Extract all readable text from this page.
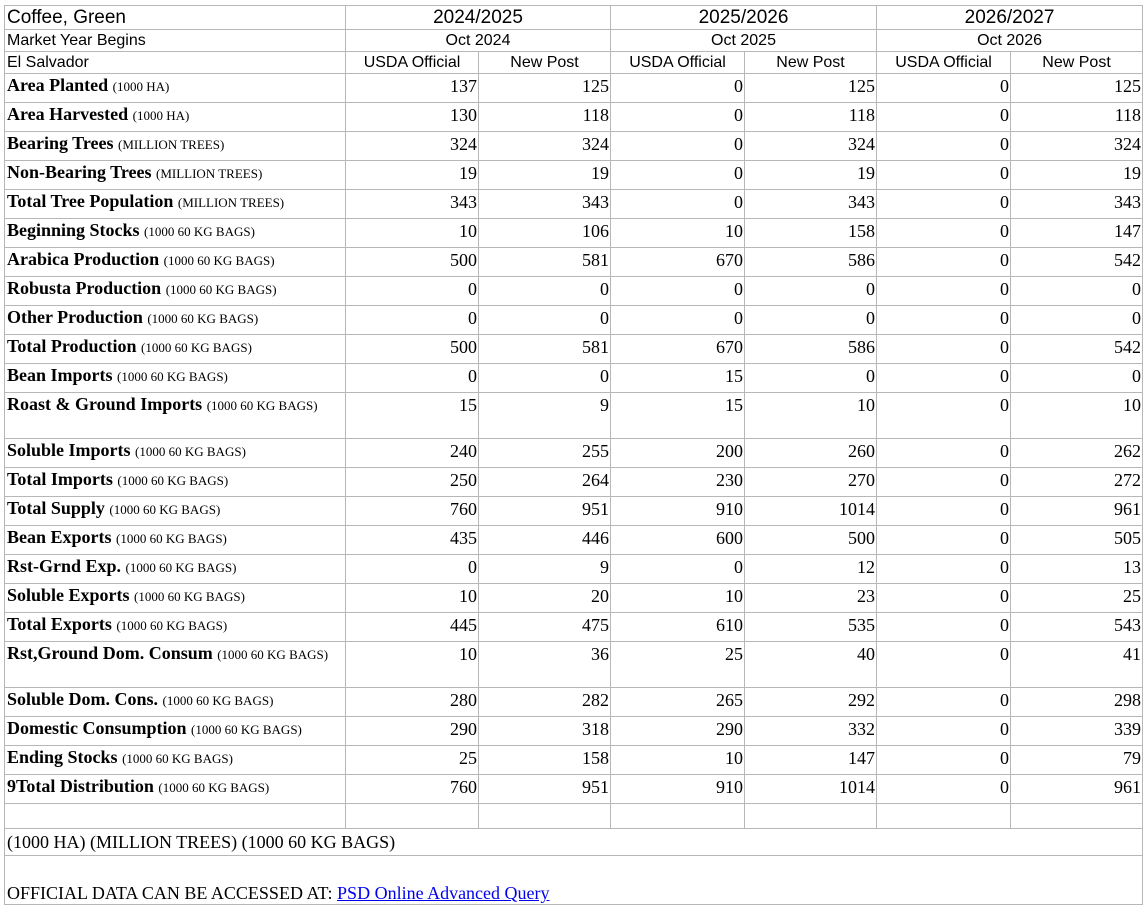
Coffee, Green	2024/2025		2025/2026		2026/2027	
Market Year Begins	Oct 2024		Oct 2025		Oct 2026	
El Salvador	USDA Official	New Post	USDA Official	New Post	USDA Official	New Post
Area Planted (1000 HA)	137	125	0	125	0	125
Area Harvested (1000 HA)	130	118	0	118	0	118
Bearing Trees (MILLION TREES)	324	324	0	324	0	324
Non-Bearing Trees (MILLION TREES)	19	19	0	19	0	19
Total Tree Population (MILLION TREES)	343	343	0	343	0	343
Beginning Stocks (1000 60 KG BAGS)	10	106	10	158	0	147
Arabica Production (1000 60 KG BAGS)	500	581	670	586	0	542
Robusta Production (1000 60 KG BAGS)	0	0	0	0	0	0
Other Production (1000 60 KG BAGS)	0	0	0	0	0	0
Total Production (1000 60 KG BAGS)	500	581	670	586	0	542
Bean Imports (1000 60 KG BAGS)	0	0	15	0	0	0
Roast & Ground Imports (1000 60 KG BAGS)	15	9	15	10	0	10
Soluble Imports (1000 60 KG BAGS)	240	255	200	260	0	262
Total Imports (1000 60 KG BAGS)	250	264	230	270	0	272
Total Supply (1000 60 KG BAGS)	760	951	910	1014	0	961
Bean Exports (1000 60 KG BAGS)	435	446	600	500	0	505
Rst-Grnd Exp. (1000 60 KG BAGS)	0	9	0	12	0	13
Soluble Exports (1000 60 KG BAGS)	10	20	10	23	0	25
Total Exports (1000 60 KG BAGS)	445	475	610	535	0	543
Rst,Ground Dom. Consum (1000 60 KG BAGS)	10	36	25	40	0	41
Soluble Dom. Cons. (1000 60 KG BAGS)	280	282	265	292	0	298
Domestic Consumption (1000 60 KG BAGS)	290	318	290	332	0	339
Ending Stocks (1000 60 KG BAGS)	25	158	10	147	0	79
9Total Distribution (1000 60 KG BAGS)	760	951	910	1014	0	961

(1000 HA) (MILLION TREES) (1000 60 KG BAGS)						
OFFICIAL DATA CAN BE ACCESSED AT: PSD Online Advanced Query						
